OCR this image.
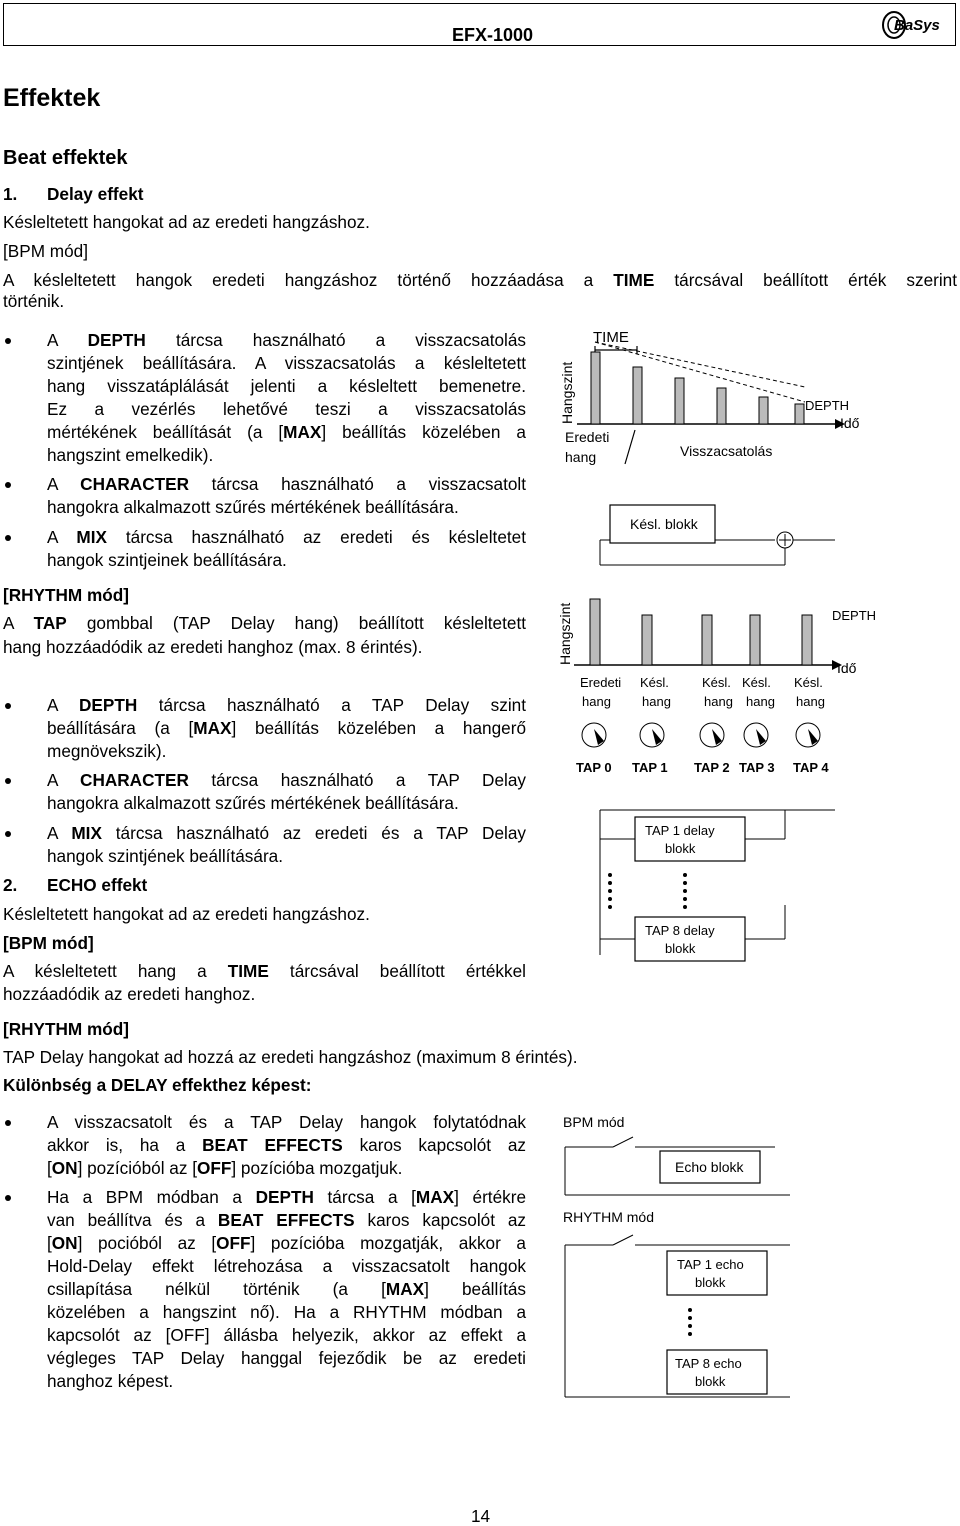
EFX-1000	BaSys
Effektek
Beat effektek
1. Delay effekt
Késleltetett hangokat ad az eredeti hangzáshoz.
[BPM mód]
A késleltetett hangok eredeti hangzáshoz történő hozzáadása a TIME tárcsával beállított érték szerint
történik.
A DEPTH tárcsa használható a visszacsatolás
szintjének beállítására. A visszacsatolás a késleltetett
hang visszatáplálását jelenti a késleltett bemenetre.
Ez a vezérlés lehetővé teszi a visszacsatolás
mértékének beállítását (a [MAX] beállítás közelében a
hangszint emelkedik).
A CHARACTER tárcsa használható a visszacsatolt
hangokra alkalmazott szűrés mértékének beállítására.
A MIX tárcsa használható az eredeti és késleltetet
hangok szintjeinek beállítására.
[RHYTHM mód]
A TAP gombbal (TAP Delay hang) beállított késleltetett
hang hozzáadódik az eredeti hanghoz (max. 8 érintés).
A DEPTH tárcsa használható a TAP Delay szint
beállítására (a [MAX] beállítás közelében a hangerő
megnövekszik).
A CHARACTER tárcsa használható a TAP Delay
hangokra alkalmazott szűrés mértékének beállítására.
A MIX tárcsa használható az eredeti és a TAP Delay
hangok szintjének beállítására.
2. ECHO effekt
Késleltetett hangokat ad az eredeti hangzáshoz.
[BPM mód]
A késleltetett hang a TIME tárcsával beállított értékkel
hozzáadódik az eredeti hanghoz.
[RHYTHM mód]
TAP Delay hangokat ad hozzá az eredeti hangzáshoz (maximum 8 érintés).
Különbség a DELAY effekthez képest:
A visszacsatolt és a TAP Delay hangok folytatódnak
akkor is, ha a BEAT EFFECTS karos kapcsolót az
[ON] pozícióból az [OFF] pozícióba mozgatjuk.
Ha a BPM módban a DEPTH tárcsa a [MAX] értékre
van beállítva és a BEAT EFFECTS karos kapcsolót az
[ON] pocióból az [OFF] pozícióba mozgatják, akkor a
Hold-Delay effekt létrehozása a visszacsatolt hangok
csillapítása nélkül történik (a [MAX] beállítás
közelében a hangszint nő). Ha a RHYTHM módban a
kapcsolót az [OFF] állásba helyezik, akkor az effekt a
végleges TAP Delay hanggal fejeződik be az eredeti
hanghoz képest.
14
TIME
Hangszint	DEPTH
Idő
Eredeti
hang	Visszacsatolás
Késl. blokk
Hangszint	DEPTH
Idő
Eredeti Késl.	Késl. Késl. Késl.
hang hang	hang hang hang
TAP 0 TAP 1 TAP 2 TAP 3 TAP 4
TAP 1 delay
blokk
TAP 8 delay
blokk
BPM mód
Echo blokk
RHYTHM mód
TAP 1 echo
blokk
TAP 8 echo
blokk
